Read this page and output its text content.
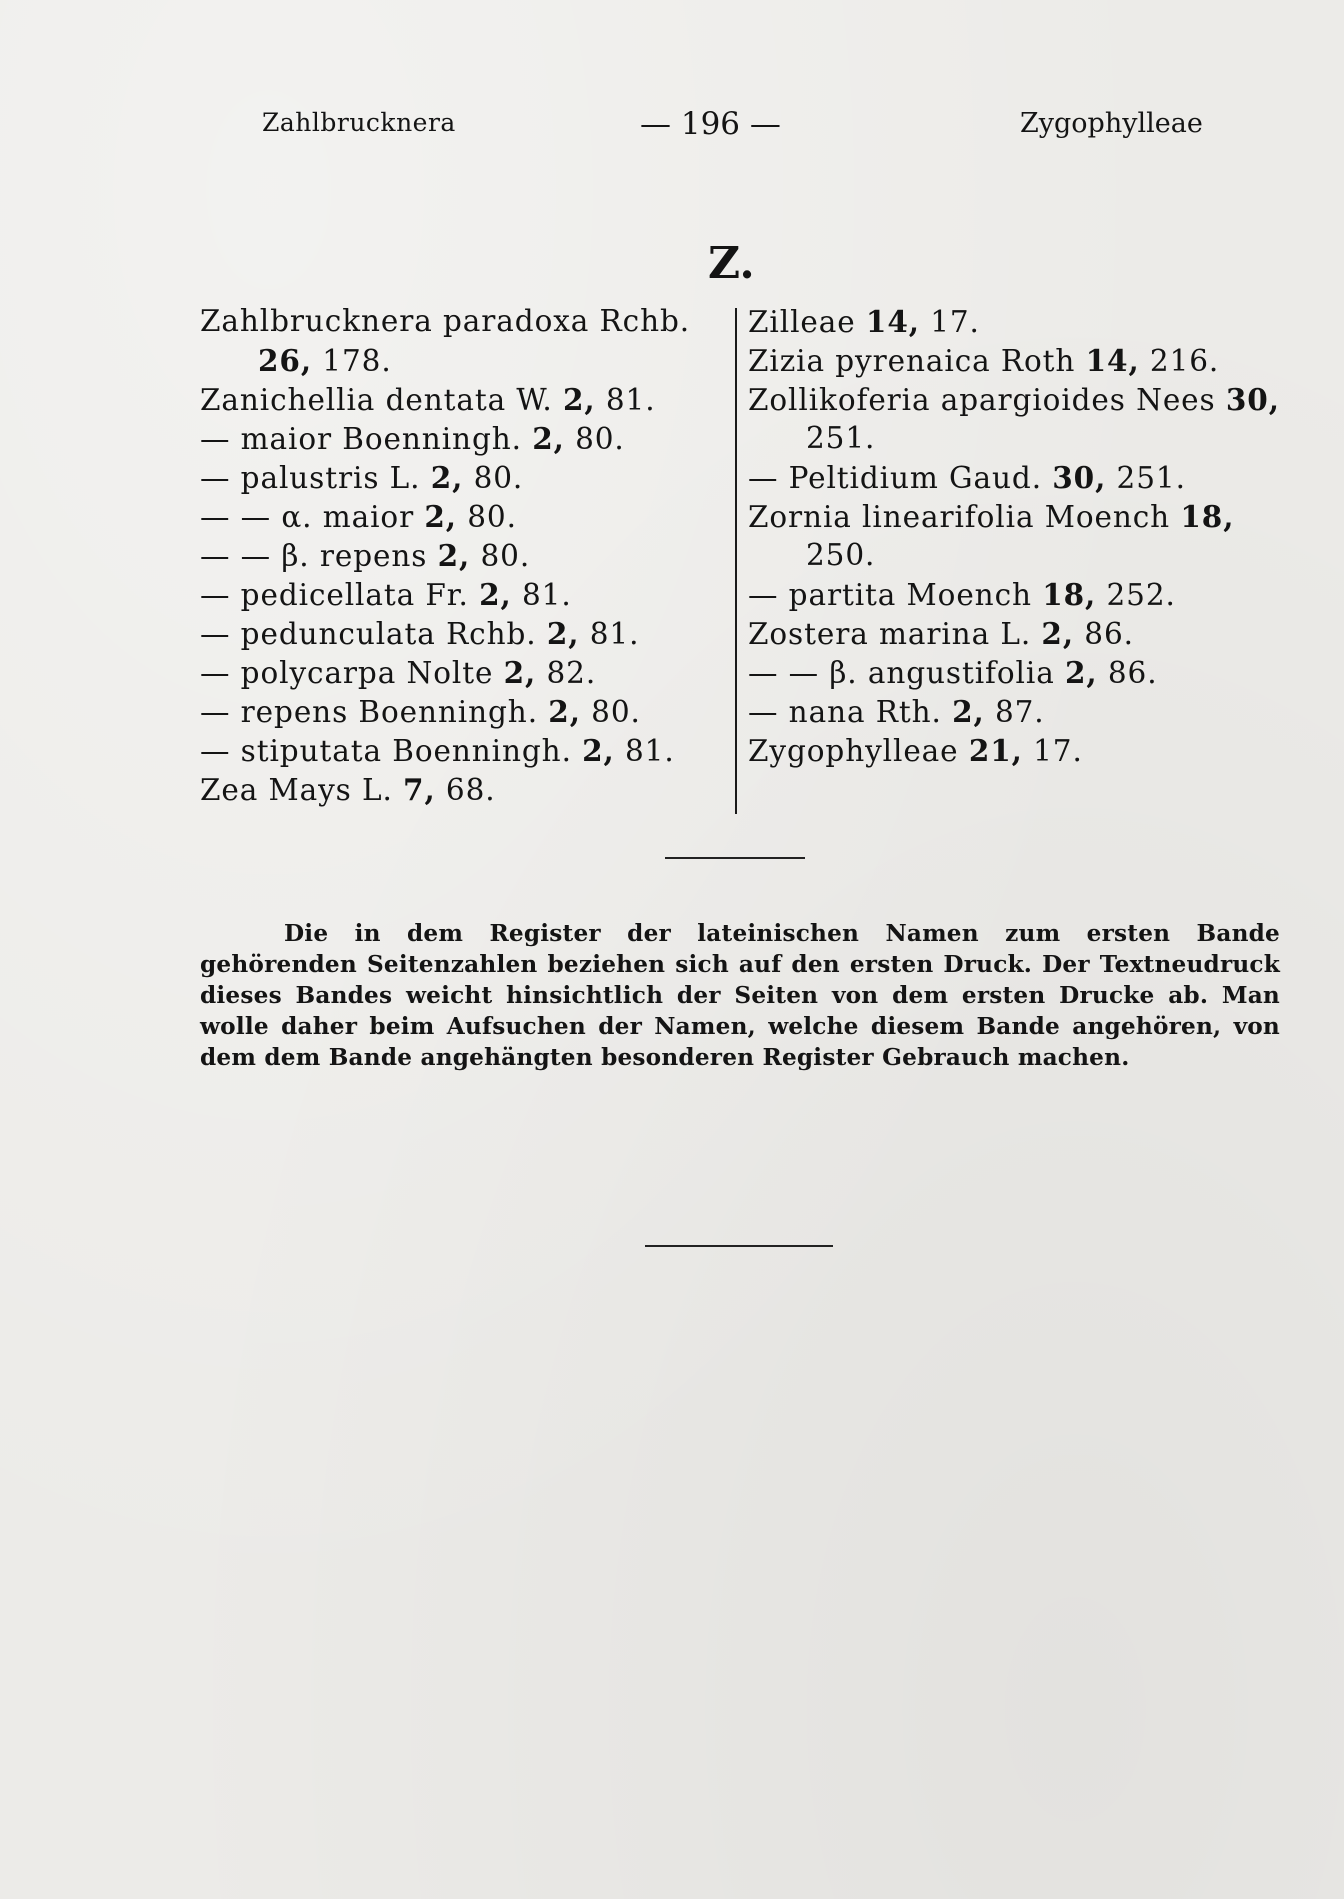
Zahlbrucknera	— 196 —	Zygophylleae
Z.
Zahlbrucknera paradoxa Rchb.
26, 178.
Zanichellia dentata W. 2, 81.
— maior Boenningh. 2, 80.
— palustris L. 2, 80.
— — α. maior 2, 80.
— — β. repens 2, 80.
— pedicellata Fr. 2, 81.
— pedunculata Rchb. 2, 81.
— polycarpa Nolte 2, 82.
— repens Boenningh. 2, 80.
— stiputata Boenningh. 2, 81.
Zea Mays L. 7, 68.
Zilleae 14, 17.
Zizia pyrenaica Roth 14, 216.
Zollikoferia apargioides Nees 30,
251.
— Peltidium Gaud. 30, 251.
Zornia linearifolia Moench 18,
250.
— partita Moench 18, 252.
Zostera marina L. 2, 86.
— — β. angustifolia 2, 86.
— nana Rth. 2, 87.
Zygophylleae 21, 17.

Die in dem Register der lateinischen Namen zum ersten Bande gehörenden Seitenzahlen beziehen sich auf den ersten Druck. Der Textneudruck dieses Bandes weicht hinsichtlich der Seiten von dem ersten Drucke ab. Man wolle daher beim Aufsuchen der Namen, welche diesem Bande angehören, von dem dem Bande angehängten besonderen Register Gebrauch machen.
